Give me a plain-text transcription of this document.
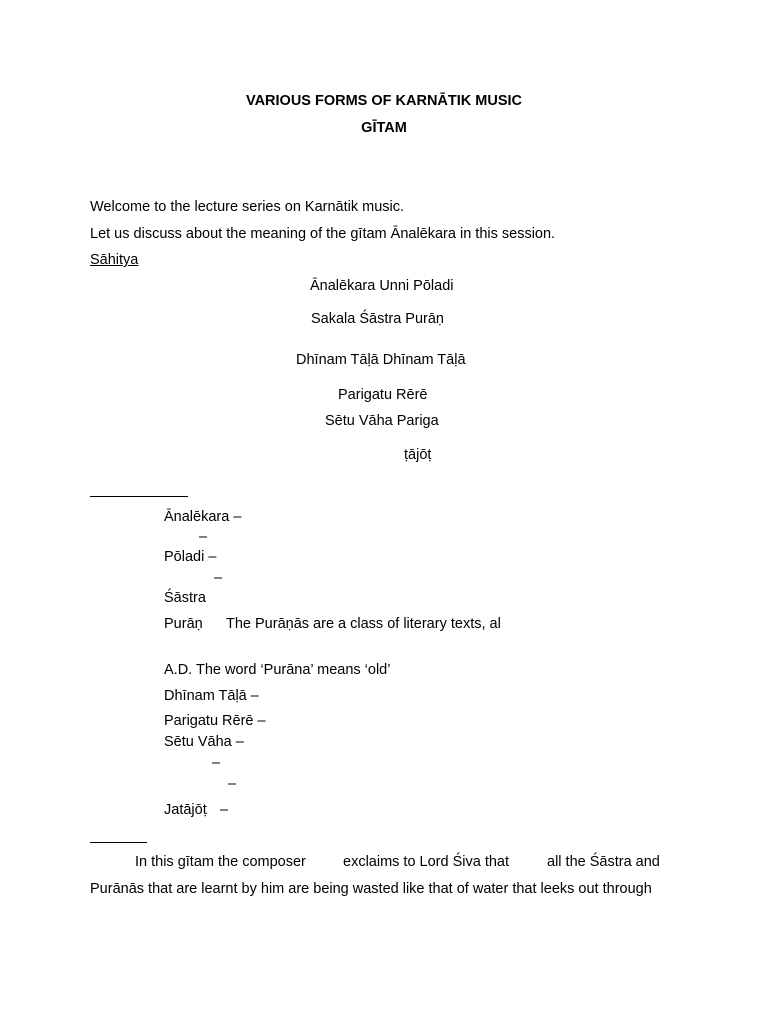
VARIOUS FORMS OF KARNĀTIK MUSIC
GĪTAM
Welcome to the lecture series on Karnātik music.
Let us discuss about the meaning of the gītam Ānalēkara in this session.
Sāhitya
Ānalēkara Unni Pōladi
Sakala Śāstra Purāṇ
Dhīnam Tāḷā Dhīnam Tāḷā
Parigatu Rērē
Sētu Vāha Pariga
ṭājōṭ
Ānalēkara –
–
Pōladi –
–
Śāstra
Purāṇ The Purāṇās are a class of literary texts, al
A.D. The word ‘Purāna’ means ‘old’
Dhīnam Tāḷā –
Parigatu Rērē –
Sētu Vāha –
–
–
Jatājōṭ –
In this gītam the composer	exclaims to Lord Śiva that	all the Śāstra and
Purānās that are learnt by him are being wasted like that of water that leeks out through
